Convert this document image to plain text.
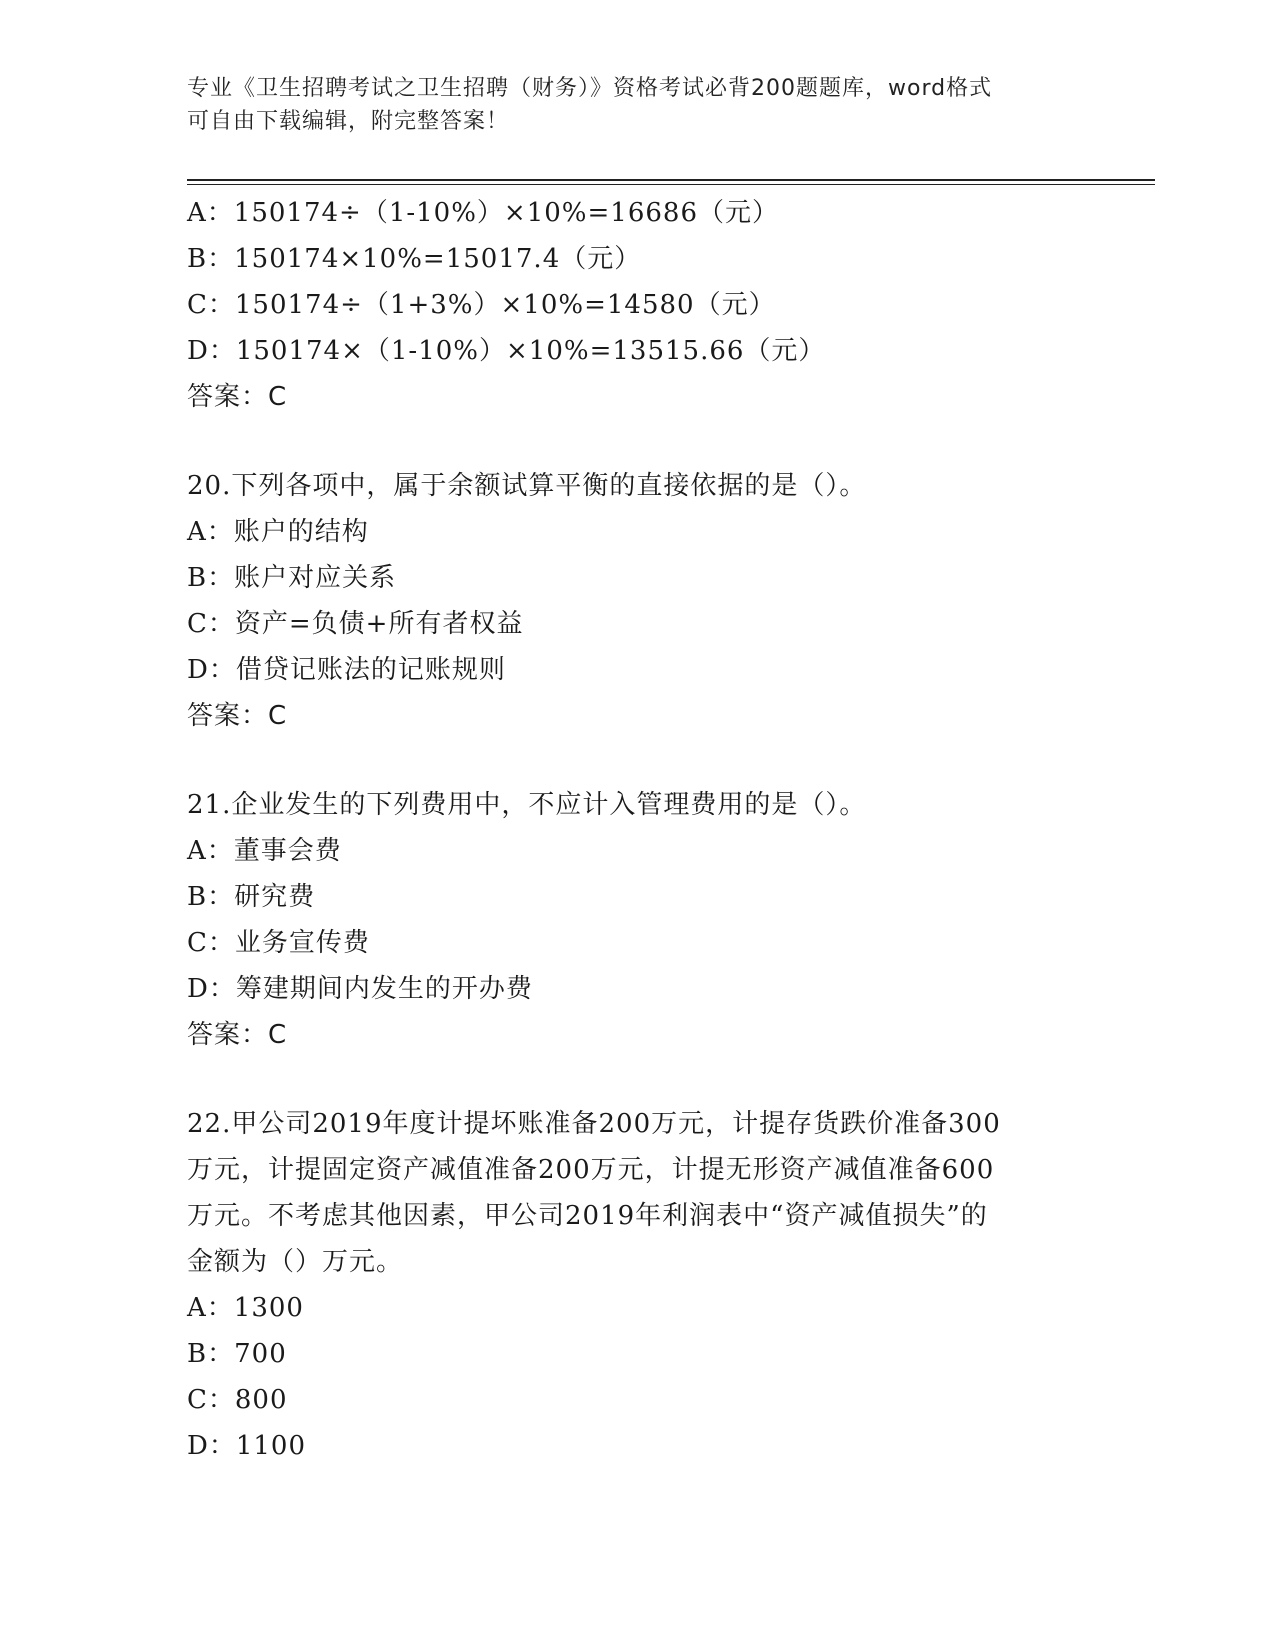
专业《卫生招聘考试之卫生招聘（财务）》资格考试必背200题题库，word格式
可自由下载编辑，附完整答案！
A：150174÷（1-10%）×10%=16686（元）
B：150174×10%=15017.4（元）
C：150174÷（1+3%）×10%=14580（元）
D：150174×（1-10%）×10%=13515.66（元）
答案：C
20.下列各项中，属于余额试算平衡的直接依据的是（）。
A：账户的结构
B：账户对应关系
C：资产=负债+所有者权益
D：借贷记账法的记账规则
答案：C
21.企业发生的下列费用中，不应计入管理费用的是（）。
A：董事会费
B：研究费
C：业务宣传费
D：筹建期间内发生的开办费
答案：C
22.甲公司2019年度计提坏账准备200万元，计提存货跌价准备300
万元，计提固定资产减值准备200万元，计提无形资产减值准备600
万元。不考虑其他因素，甲公司2019年利润表中“资产减值损失”的
金额为（）万元。
A：1300
B：700
C：800
D：1100
